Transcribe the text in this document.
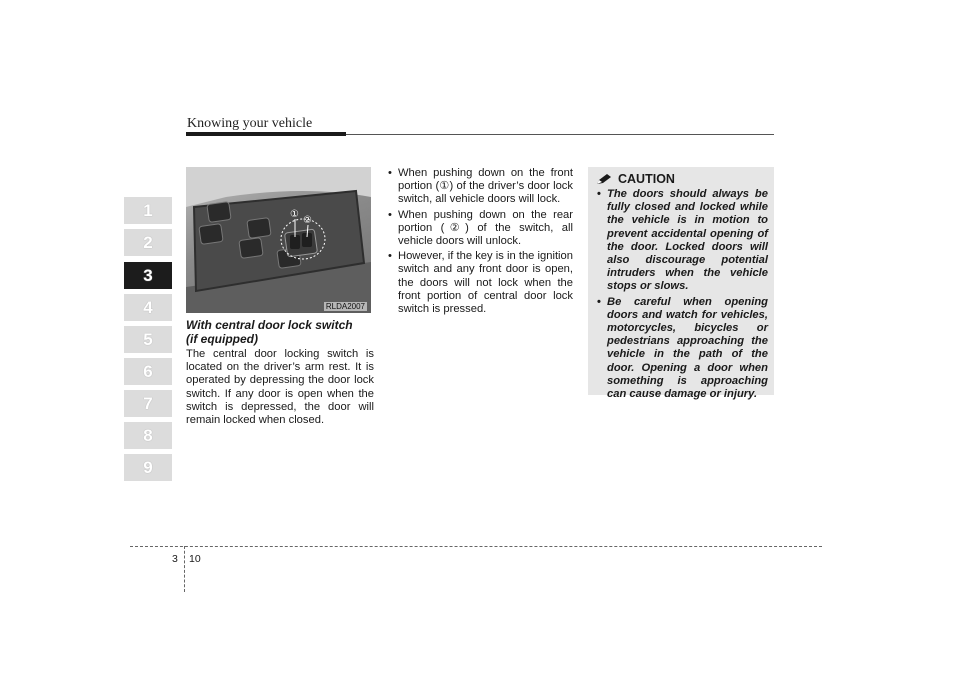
Knowing your vehicle
1
2
3
4
5
6
7
8
9
①
②
RLDA2007

With central door lock switch
(if equipped)

The central door locking switch is located on the driver’s arm rest. It is operated by depressing the door lock switch. If any door is open when the switch is depressed, the door will remain locked when closed.

• When pushing down on the front portion (①) of the driver’s door lock switch, all vehicle doors will lock.
• When pushing down on the rear portion (②) of the switch, all vehicle doors will unlock.
• However, if the key is in the ignition switch and any front door is open, the doors will not lock when the front portion of central door lock switch is pressed.
CAUTION
• The doors should always be fully closed and locked while the vehicle is in motion to prevent accidental opening of the door. Locked doors will also discourage potential intruders when the vehicle stops or slows.
• Be careful when opening doors and watch for vehicles, motorcycles, bicycles or pedestrians approaching the vehicle in the path of the door. Opening a door when something is approaching can cause damage or injury.
3 10
